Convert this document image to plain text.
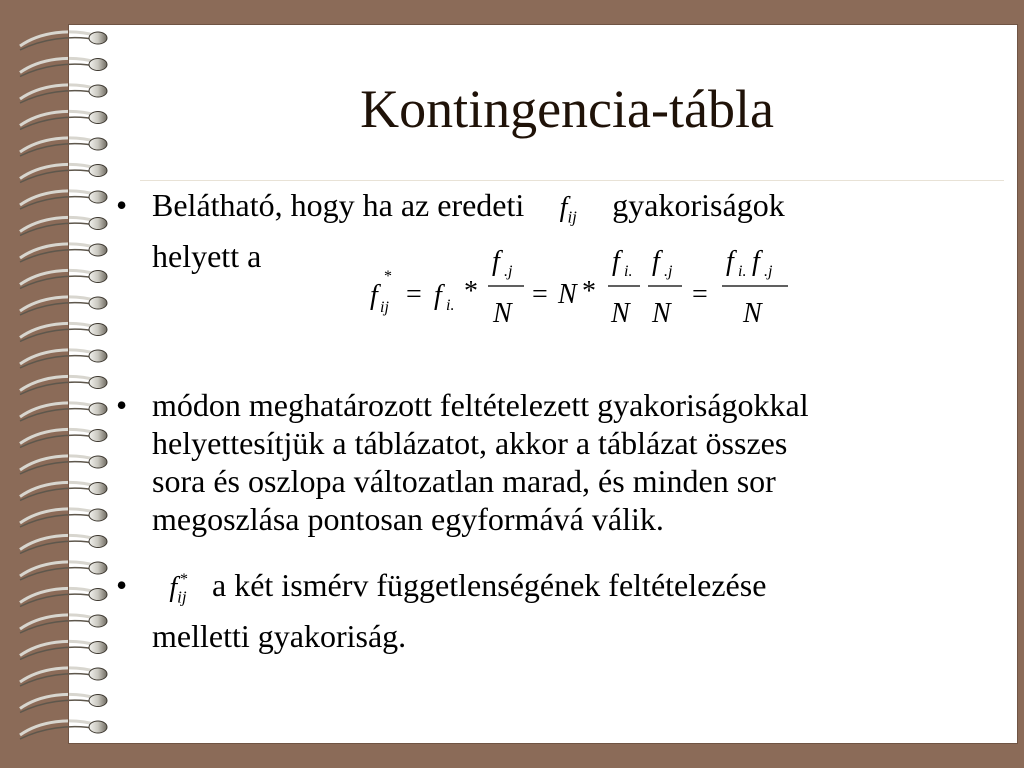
Kontingencia-tábla
• Belátható, hogy ha az eredeti $f_{ij}$ gyakoriságok
helyett a
f
*
ij = f i. *
f .j
N
= N *
f i.
N
f .j
N
=
f i. f .j
N
• módon meghatározott feltételezett gyakoriságokkal
helyettesítjük a táblázatot, akkor a táblázat összes
sora és oszlopa változatlan marad, és minden sor
megoszlása pontosan egyformává válik.
•	f *
$_{ij}$ a két ismérv függetlenségének feltételezése
melletti gyakoriság.
